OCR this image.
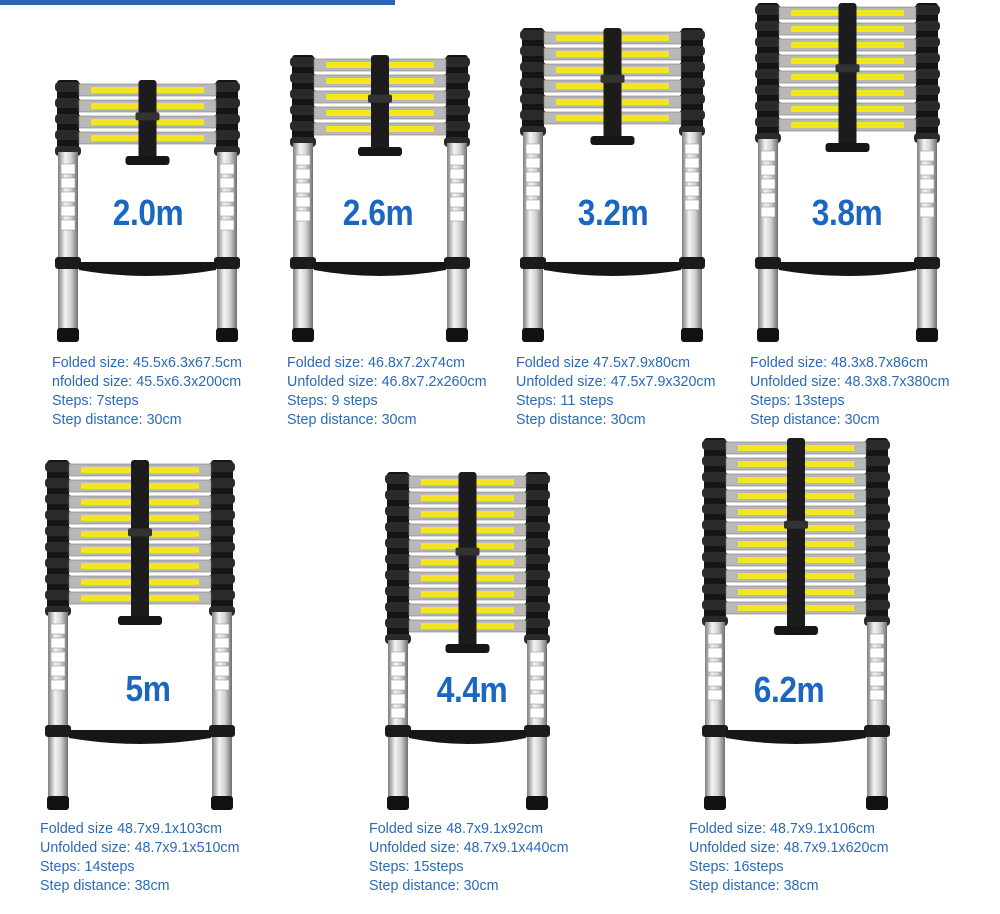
2.0m
Folded size: 45.5x6.3x67.5cm
nfolded size: 45.5x6.3x200cm
Steps: 7steps
Step distance: 30cm
2.6m
Folded size: 46.8x7.2x74cm
Unfolded size: 46.8x7.2x260cm
Steps: 9 steps
Step distance: 30cm
3.2m
Folded size 47.5x7.9x80cm
Unfolded size: 47.5x7.9x320cm
Steps: 11 steps
Step distance: 30cm
3.8m
Folded size: 48.3x8.7x86cm
Unfolded size: 48.3x8.7x380cm
Steps: 13steps
Step distance: 30cm
5m
Folded size 48.7x9.1x103cm
Unfolded size: 48.7x9.1x510cm
Steps: 14steps
Step distance: 38cm
4.4m
Folded size 48.7x9.1x92cm
Unfolded size: 48.7x9.1x440cm
Steps: 15steps
Step distance: 30cm
6.2m
Folded size: 48.7x9.1x106cm
Unfolded size: 48.7x9.1x620cm
Steps: 16steps
Step distance: 38cm
